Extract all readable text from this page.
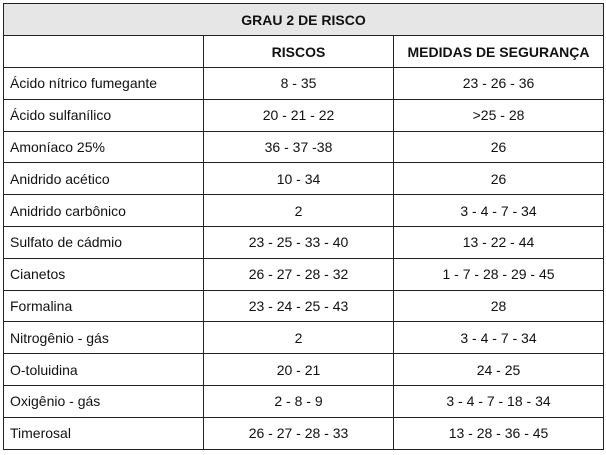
GRAU 2 DE RISCO		
	RISCOS	MEDIDAS DE SEGURANÇA
Ácido nítrico fumegante	8 - 35	23 - 26 - 36
Ácido sulfanílico	20 - 21 - 22	>25 - 28
Amoníaco 25%	36 - 37 -38	26
Anidrido acético	10 - 34	26
Anidrido carbônico	2	3 - 4 - 7 - 34
Sulfato de cádmio	23 - 25 - 33 - 40	13 - 22 - 44
Cianetos	26 - 27 - 28 - 32	1 - 7 - 28 - 29 - 45
Formalina	23 - 24 - 25 - 43	28
Nitrogênio - gás	2	3 - 4 - 7 - 34
O-toluidina	20 - 21	24 - 25
Oxigênio - gás	2 - 8 - 9	3 - 4 - 7 - 18 - 34
Timerosal	26 - 27 - 28 - 33	13 - 28 - 36 - 45
